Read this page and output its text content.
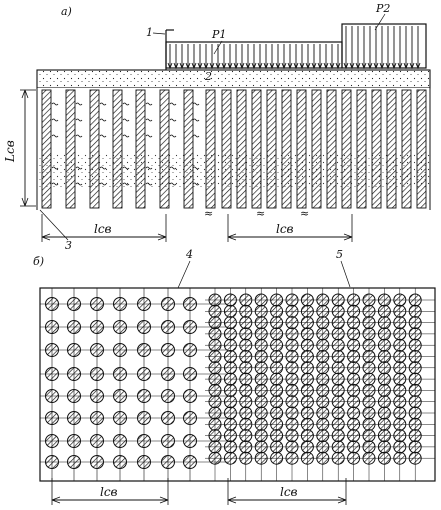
а)
P1
P2
1
2
≈	≈	≈
3
Lсв
lсв	lсв
б)
4	5
lсв	lсв
